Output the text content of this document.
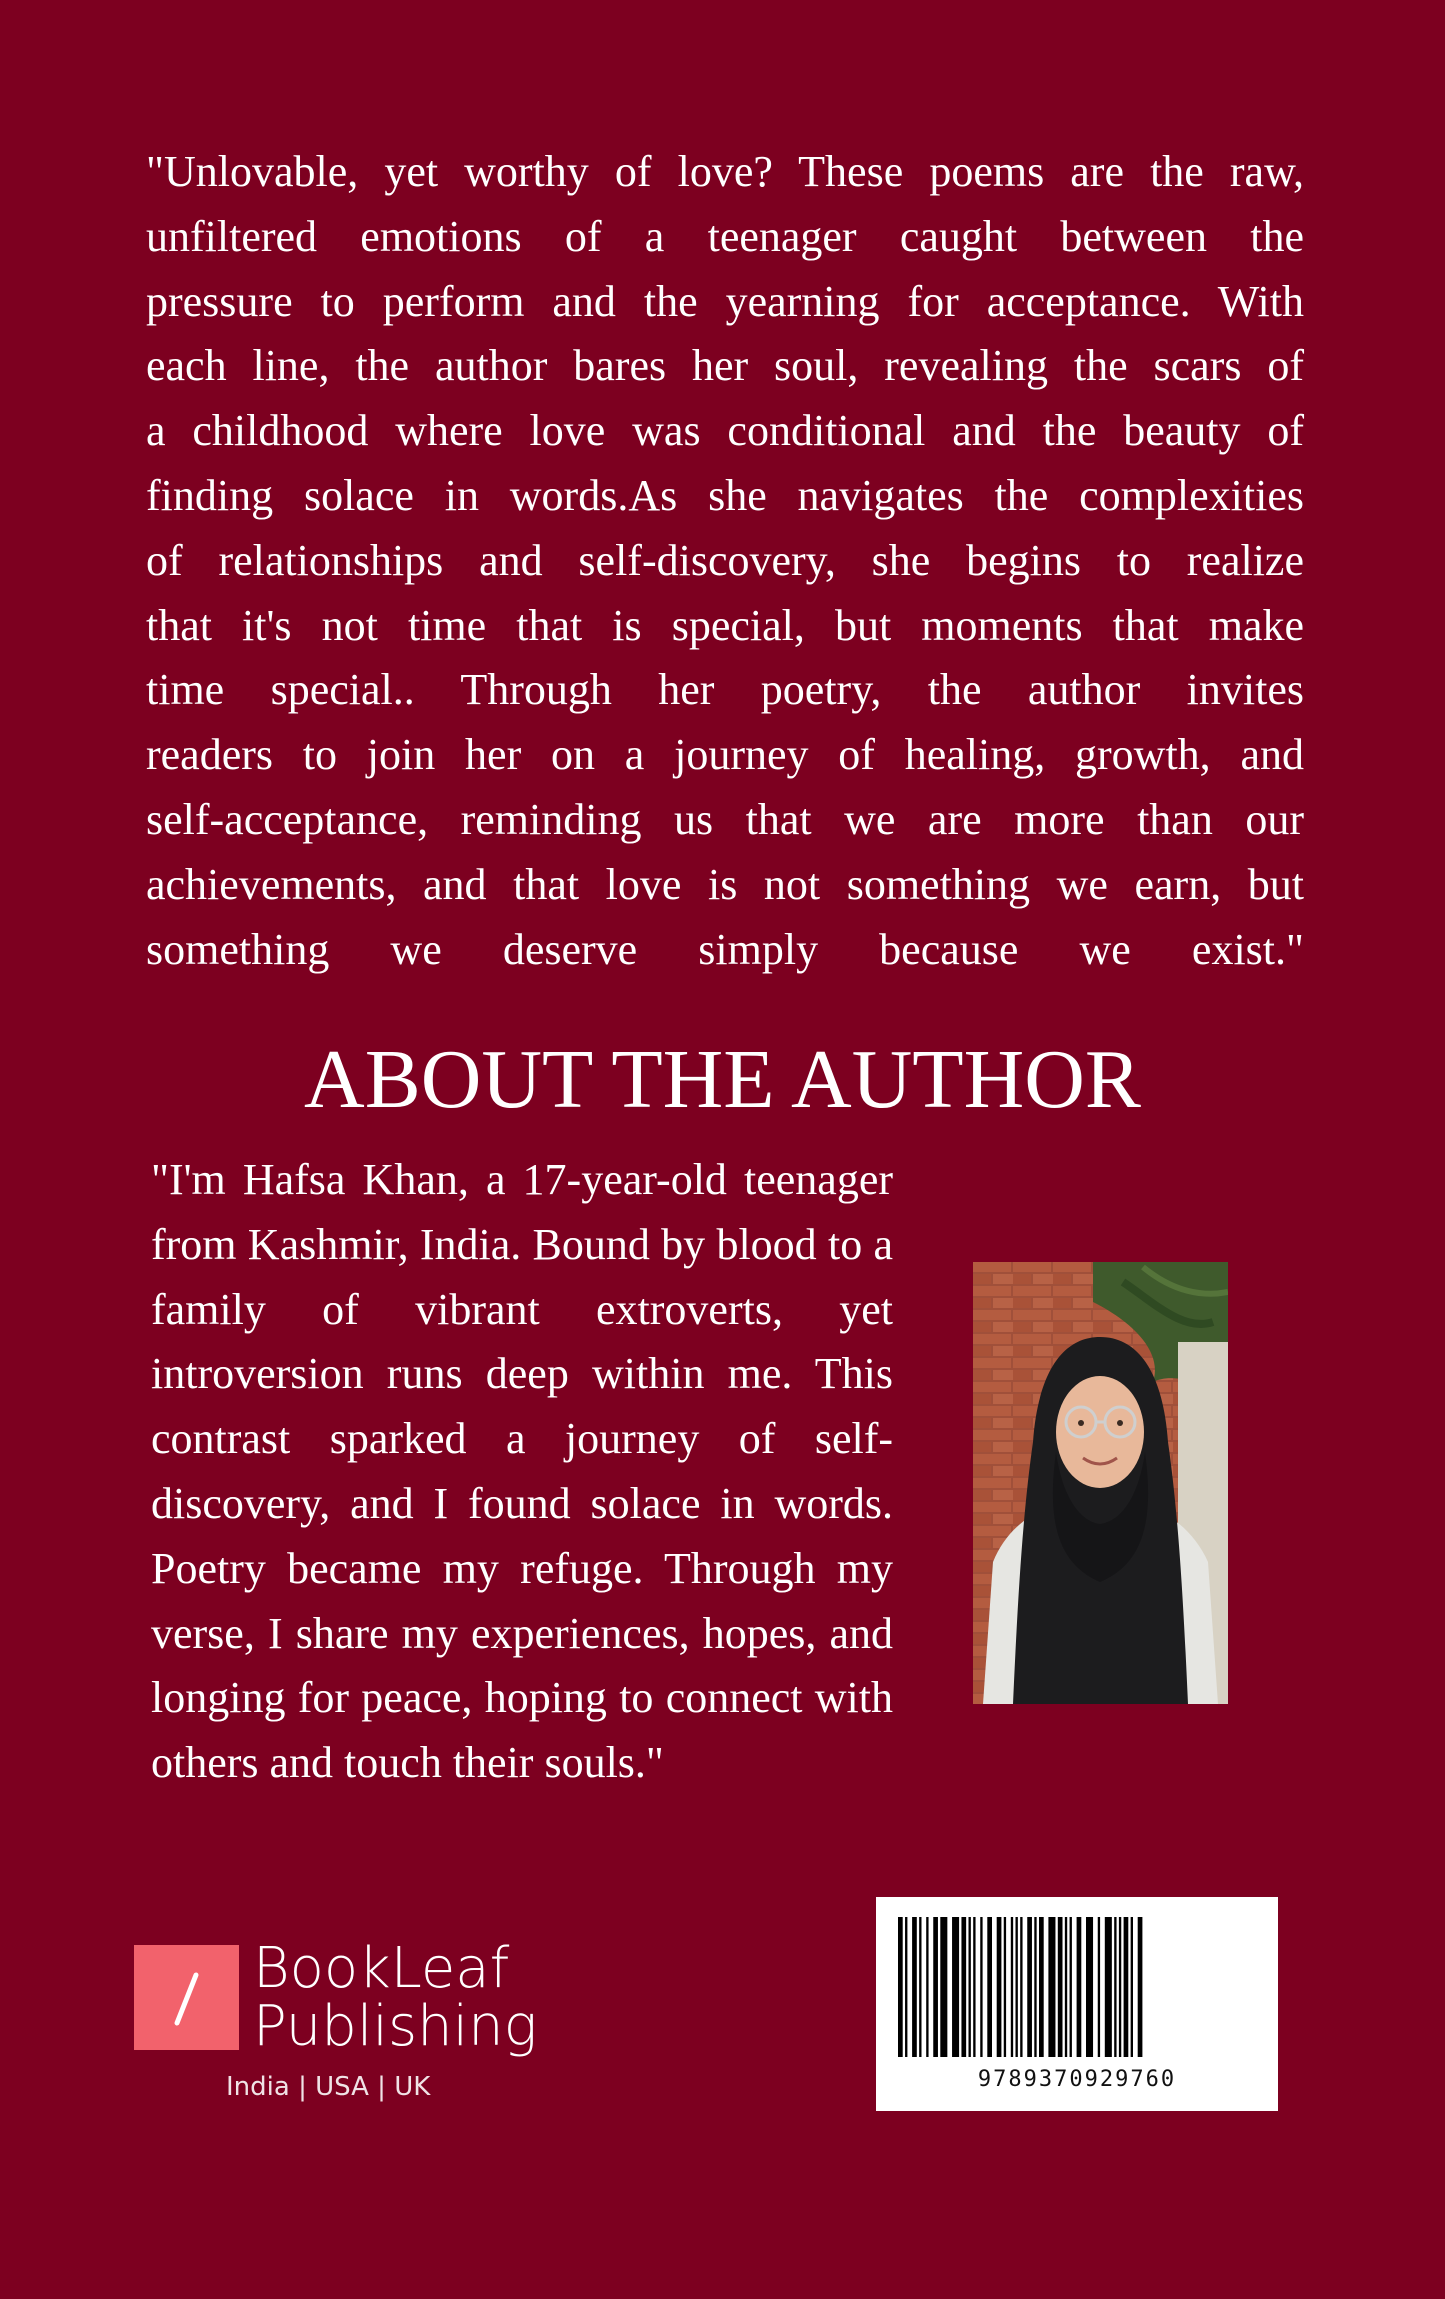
"Unlovable, yet worthy of love? These poems are the raw,
unfiltered emotions of a teenager caught between the
pressure to perform and the yearning for acceptance. With
each line, the author bares her soul, revealing the scars of
a childhood where love was conditional and the beauty of
finding solace in words.As she navigates the complexities
of relationships and self-discovery, she begins to realize
that it's not time that is special, but moments that make
time special.. Through her poetry, the author invites
readers to join her on a journey of healing, growth, and
self-acceptance, reminding us that we are more than our
achievements, and that love is not something we earn, but
something we deserve simply because we exist."
ABOUT THE AUTHOR

"I'm Hafsa Khan, a 17-year-old teenager from Kashmir, India. Bound by blood to a family of vibrant extroverts, yet introversion runs deep within me. This contrast sparked a journey of self-discovery, and I found solace in words. Poetry became my refuge. Through my verse, I share my experiences, hopes, and longing for peace, hoping to connect with others and touch their souls."

9789370929760
BookLeaf
Publishing
India | USA | UK
